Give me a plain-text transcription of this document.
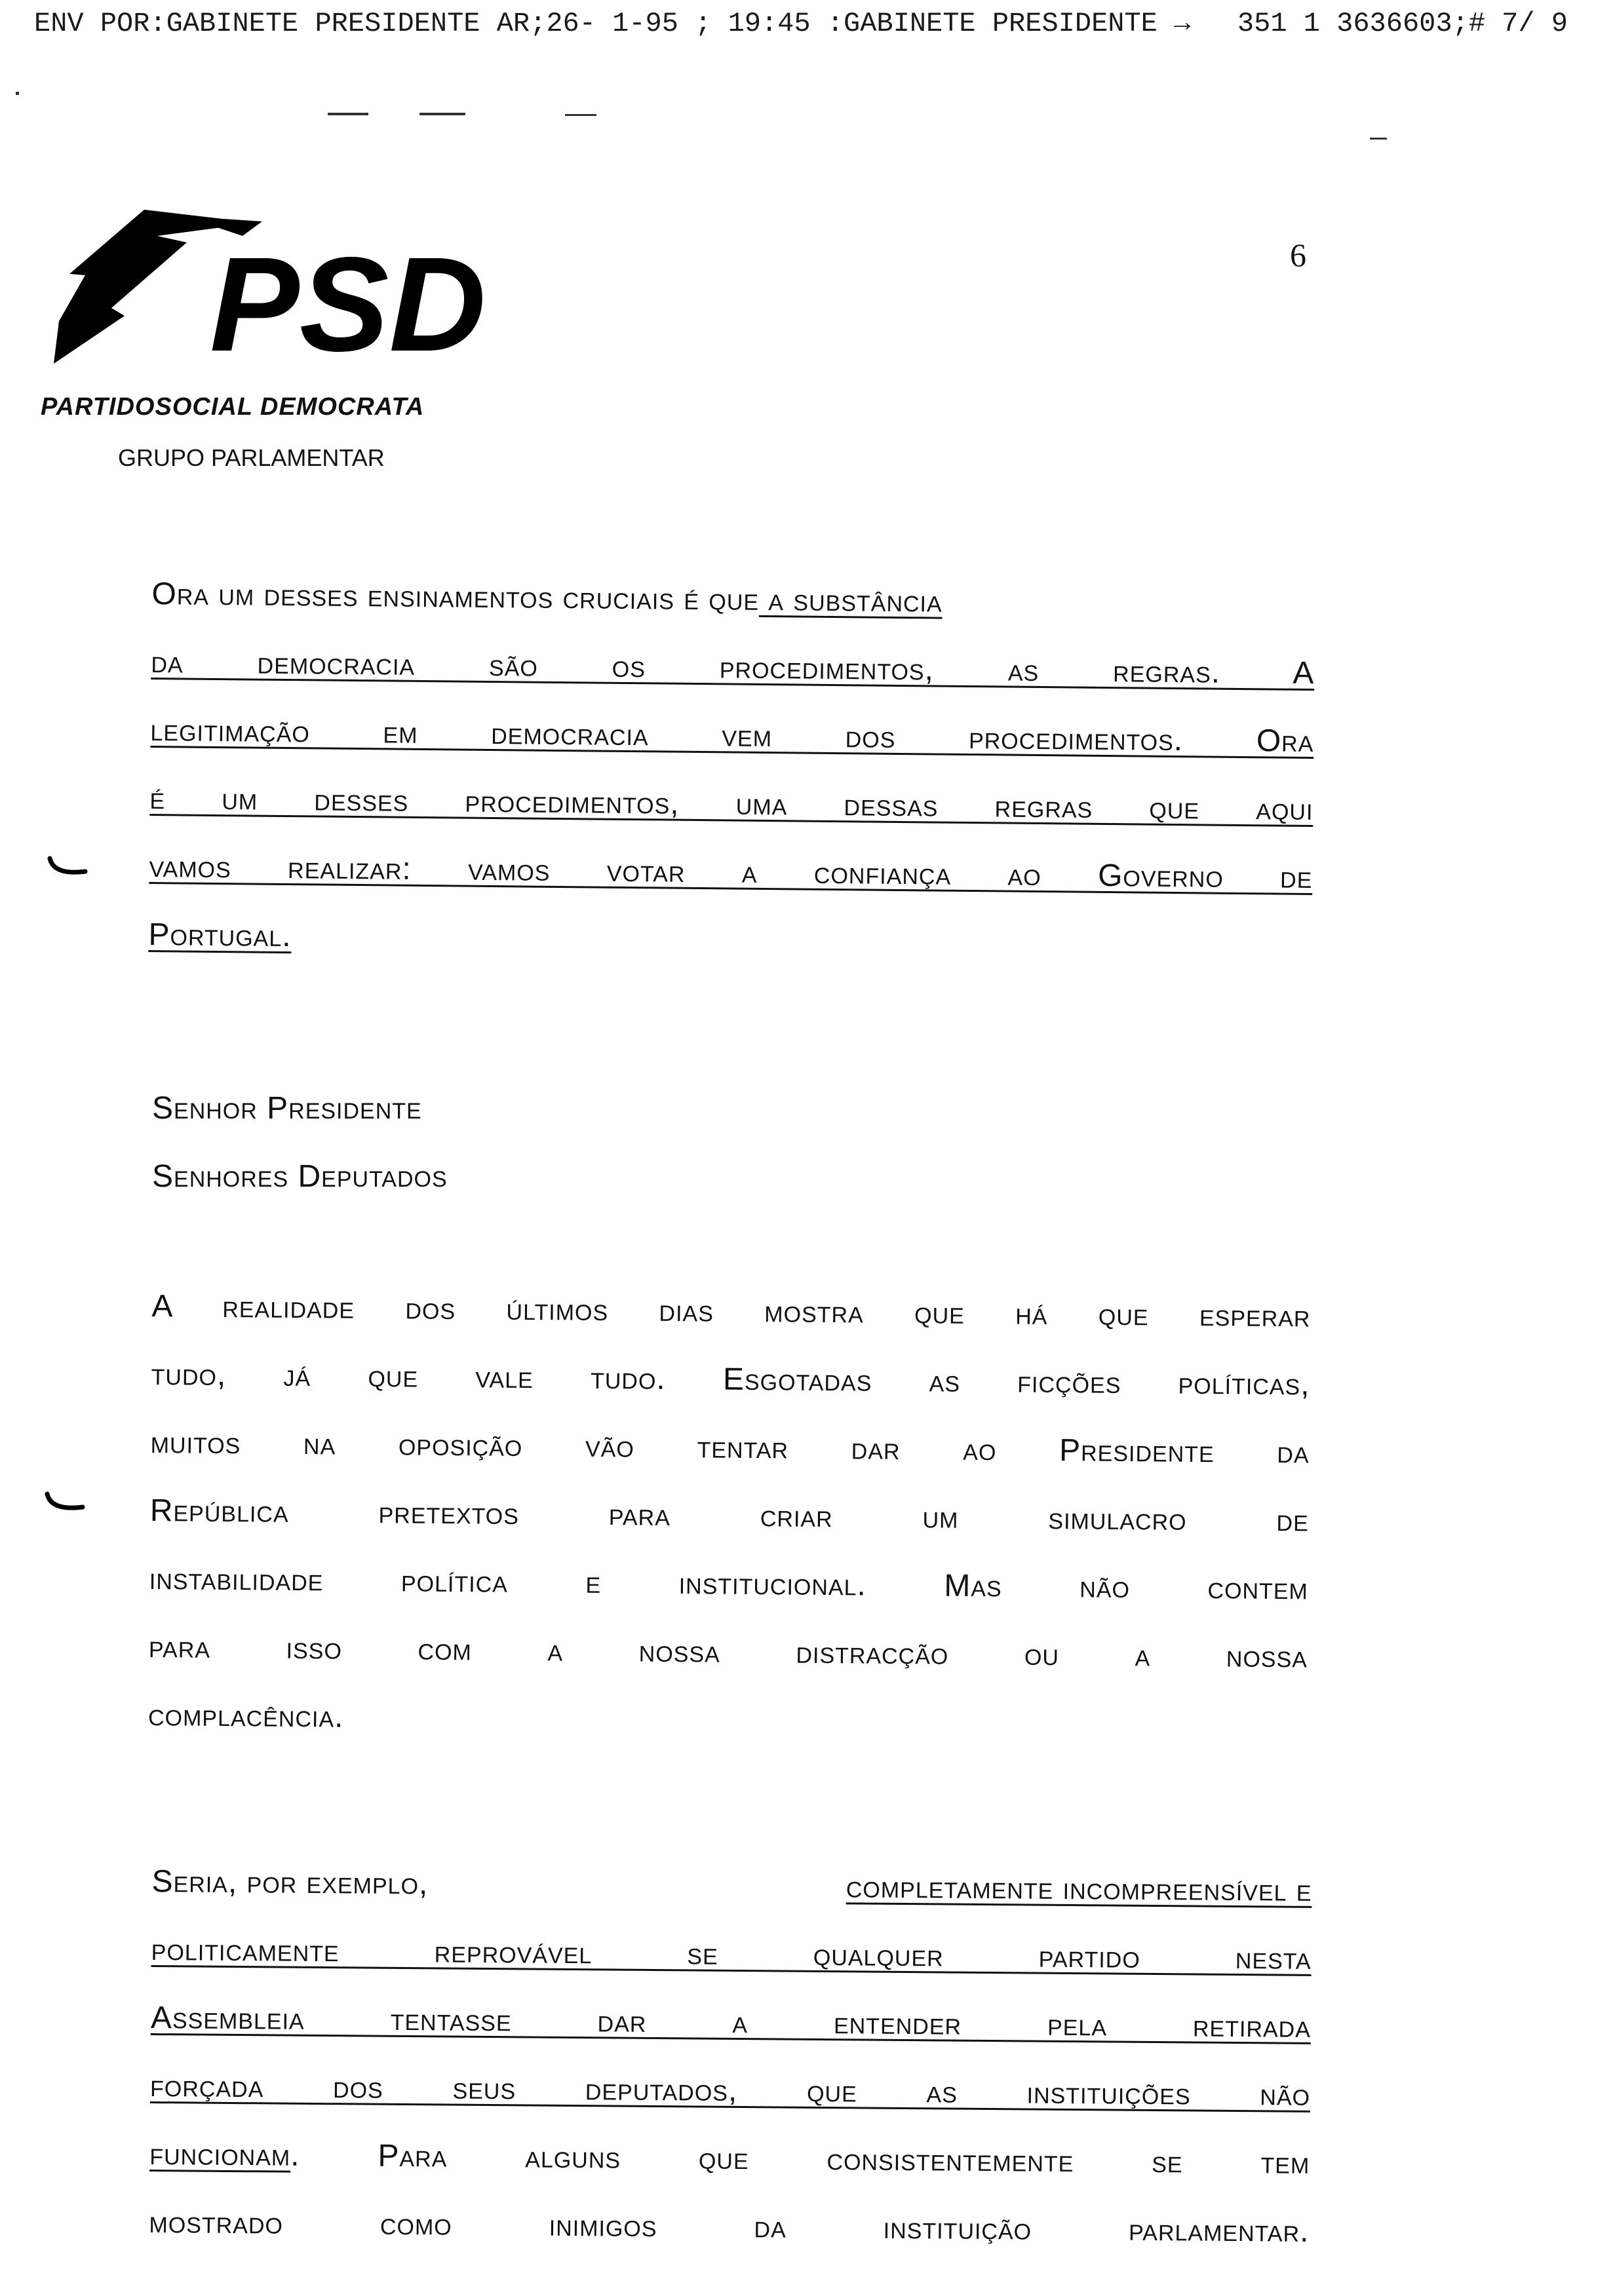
ENV POR:GABINETE PRESIDENTE AR;26- 1-95 ; 19:45 :GABINETE PRESIDENTE → 351 1 3636603;# 7/ 9
PSD
PARTIDOSOCIAL DEMOCRATA
GRUPO PARLAMENTAR
6
Ora um desses ensinamentos cruciais é que a substância
da democracia são os procedimentos, as regras. A
legitimação em democracia vem dos procedimentos. Ora
é um desses procedimentos, uma dessas regras que aqui
vamos realizar: vamos votar a confiança ao Governo de
Portugal.
Senhor Presidente
Senhores Deputados
A realidade dos últimos dias mostra que há que esperar
tudo, já que vale tudo. Esgotadas as ficções políticas,
muitos na oposição vão tentar dar ao Presidente da
República pretextos para criar um simulacro de
instabilidade política e institucional. Mas não contem
para isso com a nossa distracção ou a nossa
complacência.
Seria, por exemplo,	completamente incompreensível e
politicamente reprovável se qualquer partido nesta
Assembleia tentasse dar a entender pela retirada
forçada dos seus deputados, que as instituições não
funcionam . Para alguns que consistentemente se tem
mostrado como inimigos da instituição parlamentar.
